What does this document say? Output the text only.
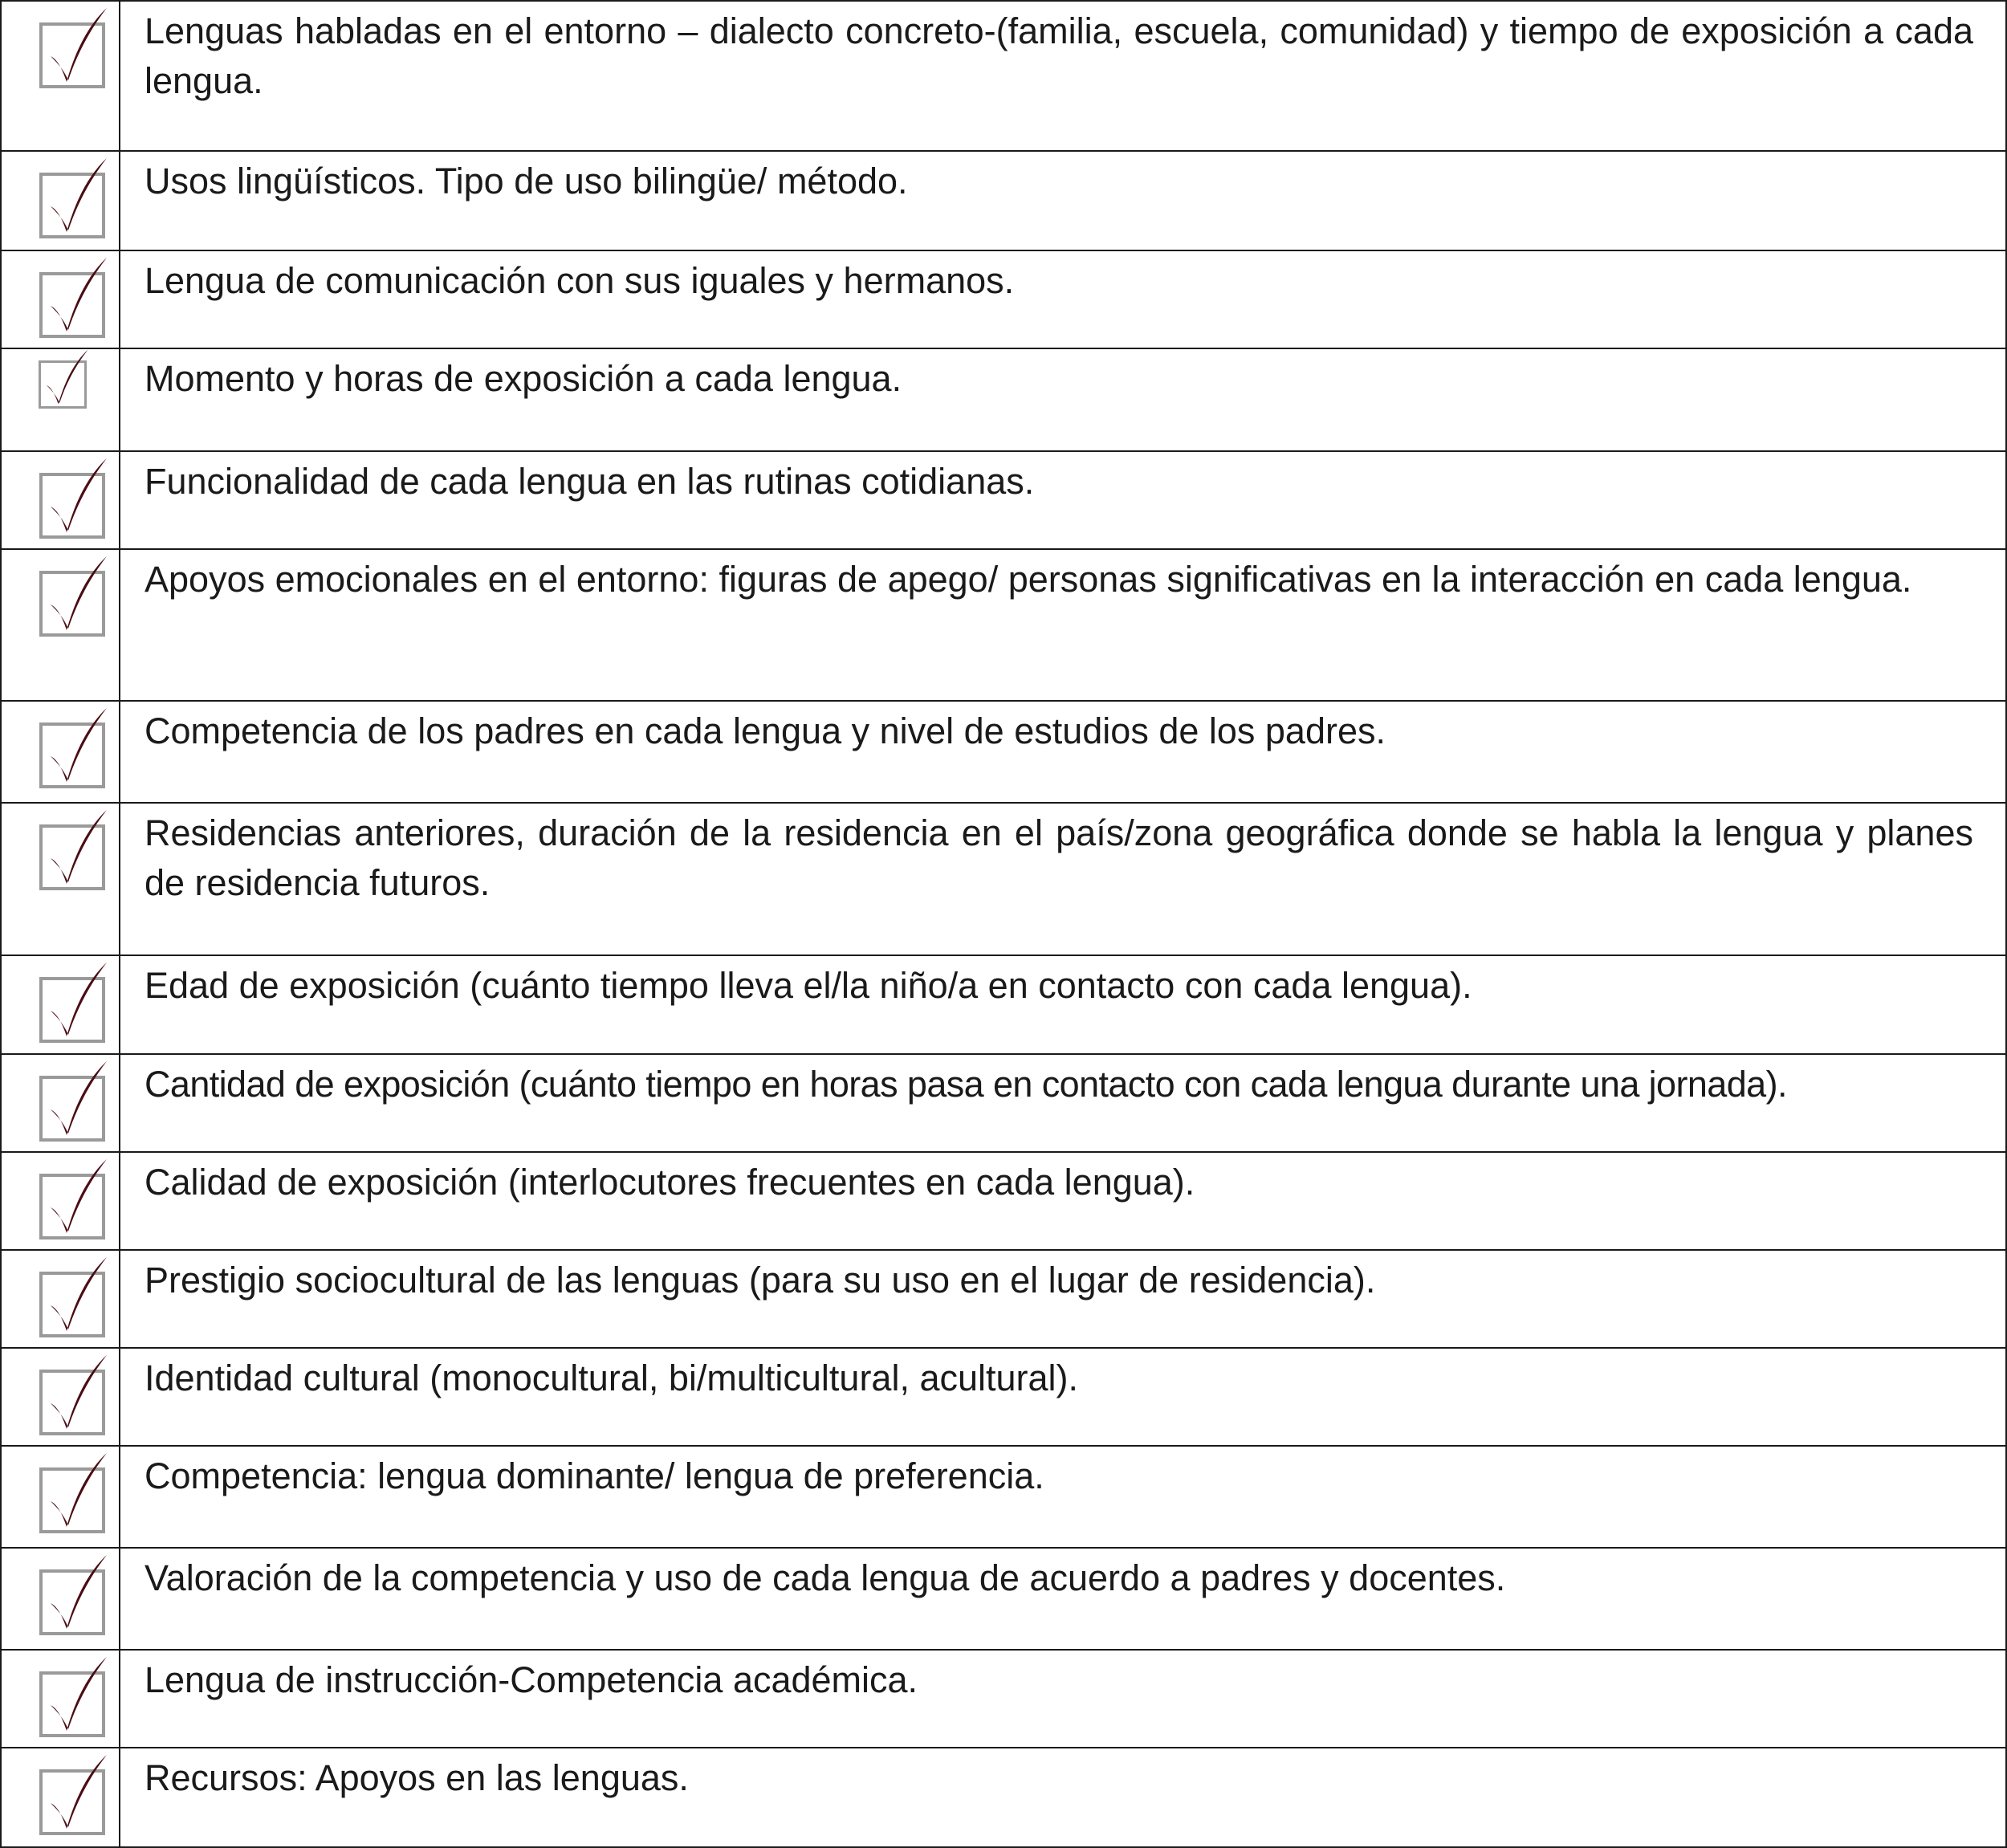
	Lenguas habladas en el entorno – dialecto concreto-(familia, escuela, comunidad) y tiempo de exposición a cada lengua.

	Usos lingüísticos. Tipo de uso bilingüe/ método.

	Lengua de comunicación con sus iguales y hermanos.

	Momento y horas de exposición a cada lengua.

	Funcionalidad de cada lengua en las rutinas cotidianas.

	Apoyos emocionales en el entorno: figuras de apego/ personas significativas en la interacción en cada lengua.

	Competencia de los padres en cada lengua y nivel de estudios de los padres.

	Residencias anteriores, duración de la residencia en el país/zona geográfica donde se habla la lengua y planes de residencia futuros.

	Edad de exposición (cuánto tiempo lleva el/la niño/a en contacto con cada lengua).

	Cantidad de exposición (cuánto tiempo en horas pasa en contacto con cada lengua durante una jornada).

	Calidad de exposición (interlocutores frecuentes en cada lengua).

	Prestigio sociocultural de las lenguas (para su uso en el lugar de residencia).

	Identidad cultural (monocultural, bi/multicultural, acultural).

	Competencia: lengua dominante/ lengua de preferencia.

	Valoración de la competencia y uso de cada lengua de acuerdo a padres y docentes.

	Lengua de instrucción-Competencia académica.

	Recursos: Apoyos en las lenguas.
